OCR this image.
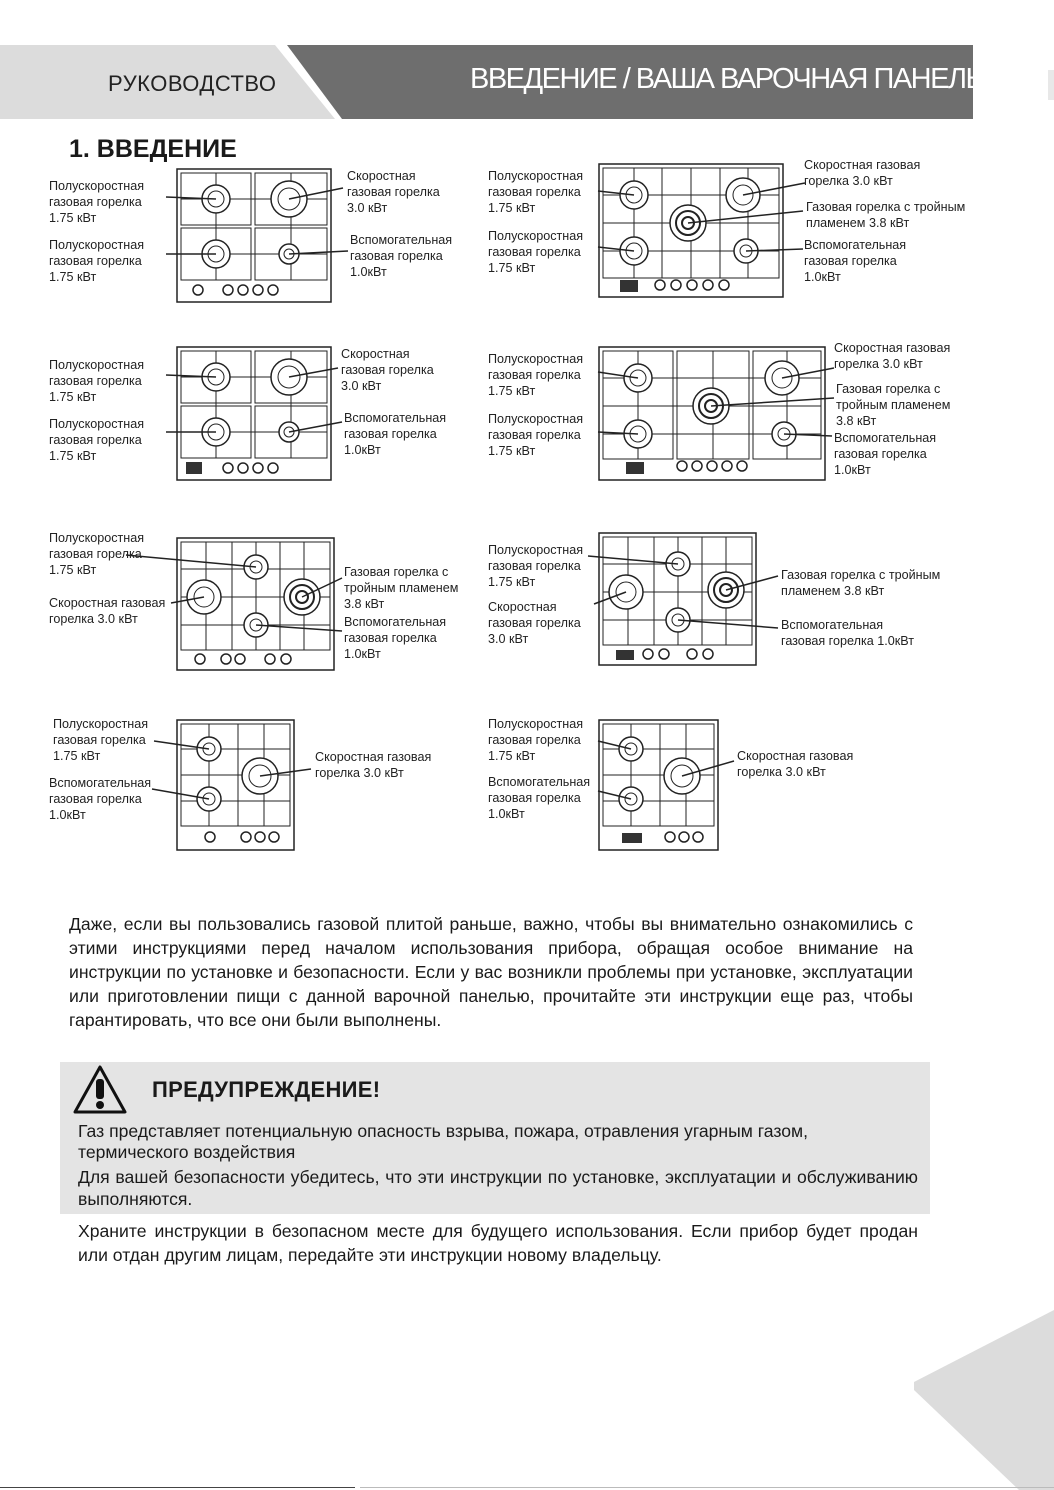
РУКОВОДСТВО	ВВЕДЕНИЕ / ВАША ВАРОЧНАЯ ПАНЕЛЬ
1. ВВЕДЕНИЕ
Полускоростная
газовая горелка
1.75 кВт
Полускоростная
газовая горелка
1.75 кВт
Скоростная
газовая горелка
3.0 кВт
Вспомогательная
газовая горелка
1.0кВт
Полускоростная
газовая горелка
1.75 кВт
Полускоростная
газовая горелка
1.75 кВт
Скоростная газовая
горелка 3.0 кВт
Газовая горелка с тройным
пламенем 3.8 кВт
Вспомогательная
газовая горелка
1.0кВт
Полускоростная
газовая горелка
1.75 кВт
Полускоростная
газовая горелка
1.75 кВт
Скоростная
газовая горелка
3.0 кВт
Вспомогательная
газовая горелка
1.0кВт
Полускоростная
газовая горелка
1.75 кВт
Полускоростная
газовая горелка
1.75 кВт
Скоростная газовая
горелка 3.0 кВт
Газовая горелка с
тройным пламенем
3.8 кВт
Вспомогательная
газовая горелка
1.0кВт
Полускоростная
газовая горелка
1.75 кВт
Скоростная газовая
горелка 3.0 кВт
Газовая горелка с
тройным пламенем
3.8 кВт
Вспомогательная
газовая горелка
1.0кВт
Полускоростная
газовая горелка
1.75 кВт
Скоростная
газовая горелка
3.0 кВт
Газовая горелка с тройным
пламенем 3.8 кВт
Вспомогательная
газовая горелка 1.0кВт
Полускоростная
газовая горелка
1.75 кВт
Вспомогательная
газовая горелка
1.0кВт
Скоростная газовая
горелка 3.0 кВт
Полускоростная
газовая горелка
1.75 кВт
Вспомогательная
газовая горелка
1.0кВт
Скоростная газовая
горелка 3.0 кВт
Даже, если вы пользовались газовой плитой раньше, важно, чтобы вы внимательно ознакомились с этими инструкциями перед началом использования прибора, обращая особое внимание на инструкции по установке и безопасности. Если у вас возникли проблемы при установке, эксплуатации или приготовлении пищи с данной варочной панелью, прочитайте эти инструкции еще раз, чтобы гарантировать, что все они были выполнены.
ПРЕДУПРЕЖДЕНИЕ!
Газ представляет потенциальную опасность взрыва, пожара, отравления угарным газом, термического воздействия
Для вашей безопасности убедитесь, что эти инструкции по установке, эксплуатации и обслуживанию выполняются.
Храните инструкции в безопасном месте для будущего использования. Если прибор будет продан или отдан другим лицам, передайте эти инструкции новому владельцу.
